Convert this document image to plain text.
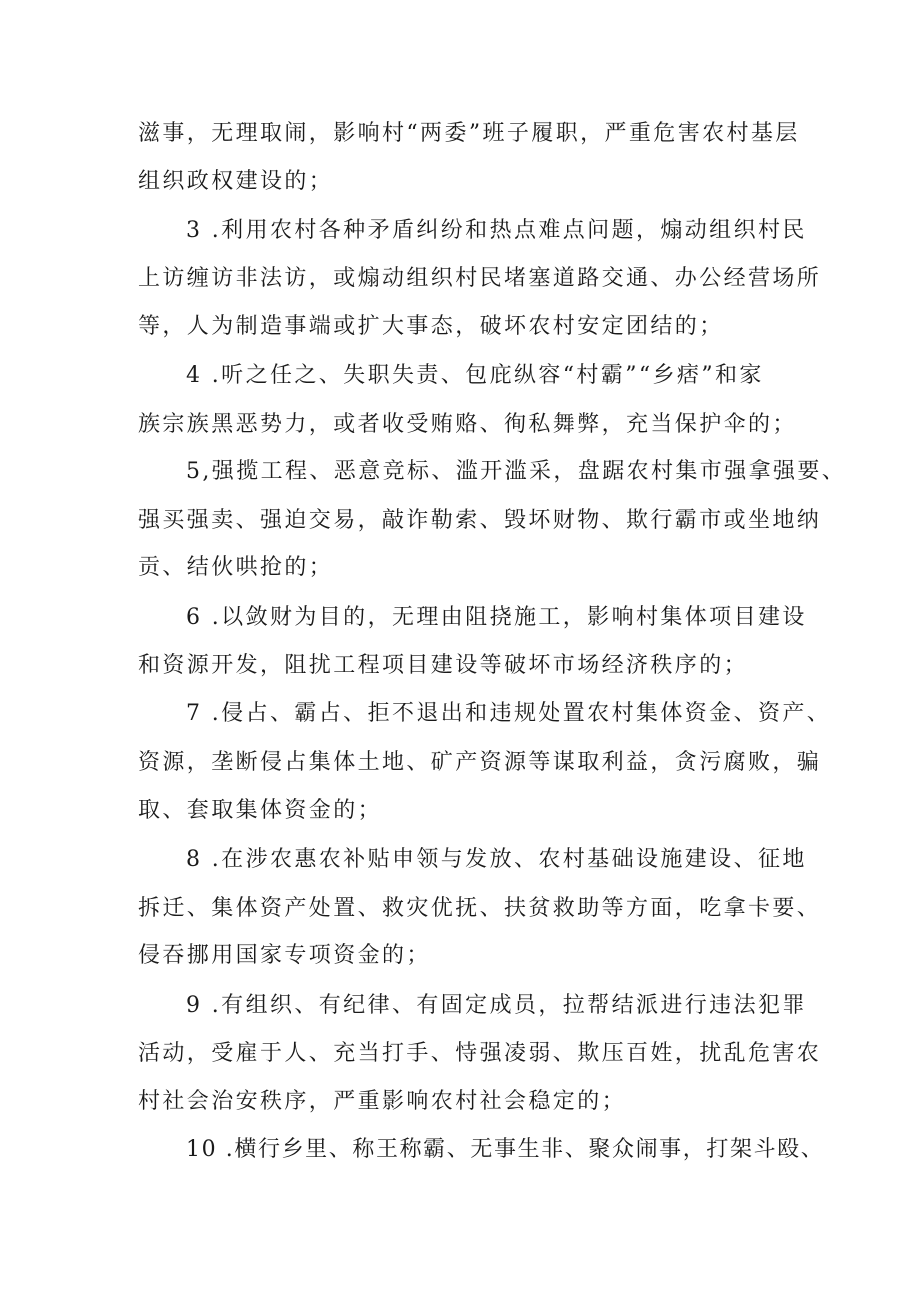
滋事，无理取闹，影响村“两委”班子履职，严重危害农村基层
组织政权建设的；
3 .利用农村各种矛盾纠纷和热点难点问题，煽动组织村民
上访缠访非法访，或煽动组织村民堵塞道路交通、办公经营场所
等，人为制造事端或扩大事态，破坏农村安定团结的；
4 .听之任之、失职失责、包庇纵容“村霸”“乡痞”和家
族宗族黑恶势力，或者收受贿赂、徇私舞弊，充当保护伞的；
5,强揽工程、恶意竞标、滥开滥采，盘踞农村集市强拿强要、
强买强卖、强迫交易，敲诈勒索、毁坏财物、欺行霸市或坐地纳
贡、结伙哄抢的；
6 .以敛财为目的，无理由阻挠施工，影响村集体项目建设
和资源开发，阻扰工程项目建设等破坏市场经济秩序的；
7 .侵占、霸占、拒不退出和违规处置农村集体资金、资产、
资源，垄断侵占集体土地、矿产资源等谋取利益，贪污腐败，骗
取、套取集体资金的；
8 .在涉农惠农补贴申领与发放、农村基础设施建设、征地
拆迁、集体资产处置、救灾优抚、扶贫救助等方面，吃拿卡要、
侵吞挪用国家专项资金的；
9 .有组织、有纪律、有固定成员，拉帮结派进行违法犯罪
活动，受雇于人、充当打手、恃强凌弱、欺压百姓，扰乱危害农
村社会治安秩序，严重影响农村社会稳定的；
10 .横行乡里、称王称霸、无事生非、聚众闹事，打架斗殴、
